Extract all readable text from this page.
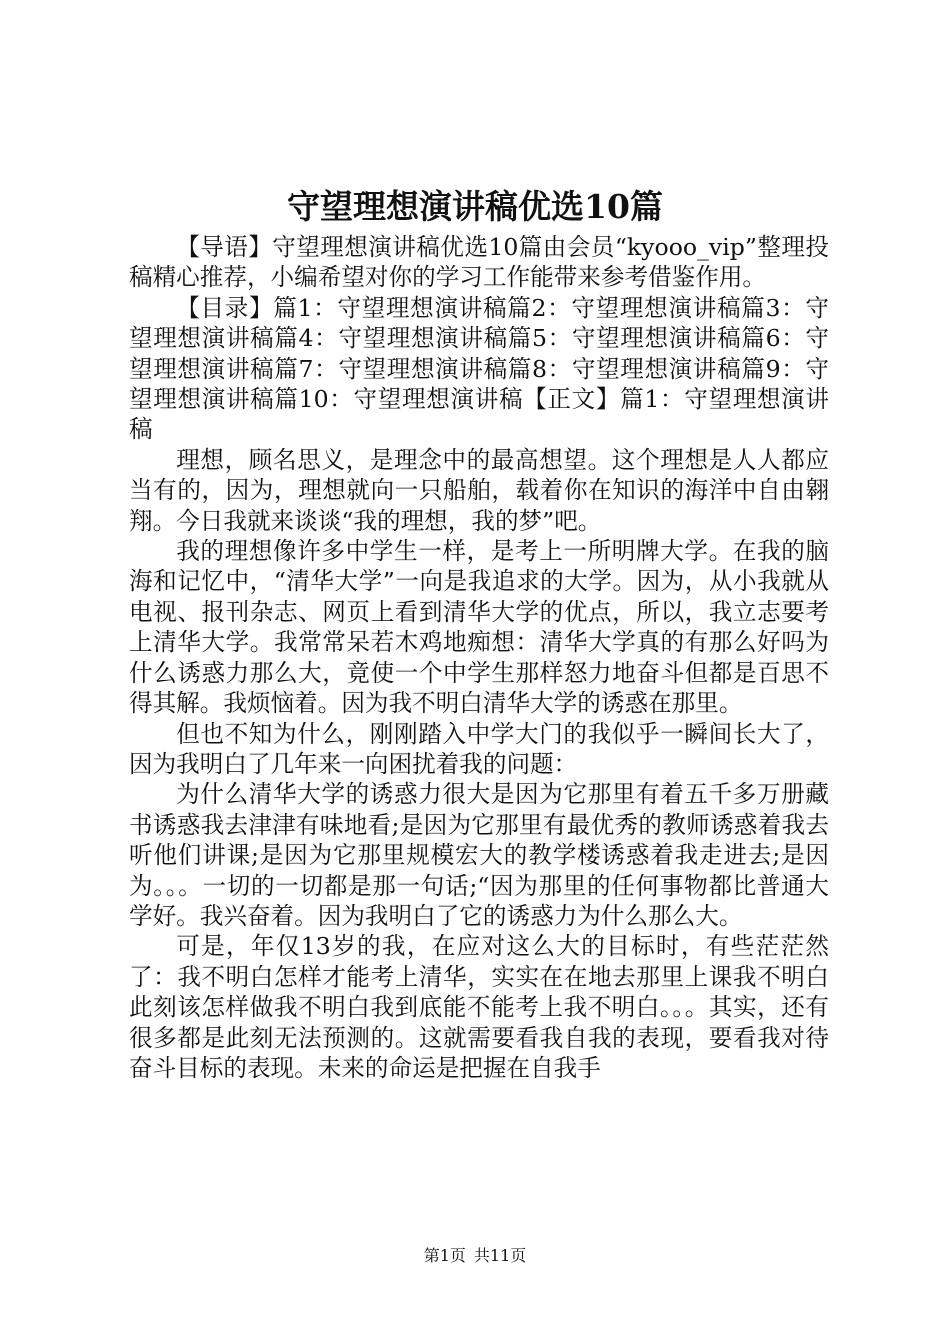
守望理想演讲稿优选10篇

【导语】守望理想演讲稿优选10篇由会员“kyooo_vip”整理投稿精心推荐，小编希望对你的学习工作能带来参考借鉴作用。

【目录】篇1：守望理想演讲稿篇2：守望理想演讲稿篇3：守望理想演讲稿篇4：守望理想演讲稿篇5：守望理想演讲稿篇6：守望理想演讲稿篇7：守望理想演讲稿篇8：守望理想演讲稿篇9：守望理想演讲稿篇10：守望理想演讲稿【正文】篇1：守望理想演讲稿

理想，顾名思义，是理念中的最高想望。这个理想是人人都应当有的，因为，理想就向一只船舶，载着你在知识的海洋中自由翱翔。今日我就来谈谈“我的理想，我的梦”吧。

我的理想像许多中学生一样，是考上一所明牌大学。在我的脑海和记忆中，“清华大学”一向是我追求的大学。因为，从小我就从电视、报刊杂志、网页上看到清华大学的优点，所以，我立志要考上清华大学。我常常呆若木鸡地痴想：清华大学真的有那么好吗为什么诱惑力那么大，竟使一个中学生那样怒力地奋斗但都是百思不得其解。我烦恼着。因为我不明白清华大学的诱惑在那里。

但也不知为什么，刚刚踏入中学大门的我似乎一瞬间长大了，因为我明白了几年来一向困扰着我的问题：

为什么清华大学的诱惑力很大是因为它那里有着五千多万册藏书诱惑我去津津有味地看;是因为它那里有最优秀的教师诱惑着我去听他们讲课;是因为它那里规模宏大的教学楼诱惑着我走进去;是因为。。。一切的一切都是那一句话;“因为那里的任何事物都比普通大学好。我兴奋着。因为我明白了它的诱惑力为什么那么大。

可是，年仅13岁的我，在应对这么大的目标时，有些茫茫然了：我不明白怎样才能考上清华，实实在在地去那里上课我不明白此刻该怎样做我不明白我到底能不能考上我不明白。。。其实，还有很多都是此刻无法预测的。这就需要看我自我的表现，要看我对待奋斗目标的表现。未来的命运是把握在自我手

第1页 共11页
